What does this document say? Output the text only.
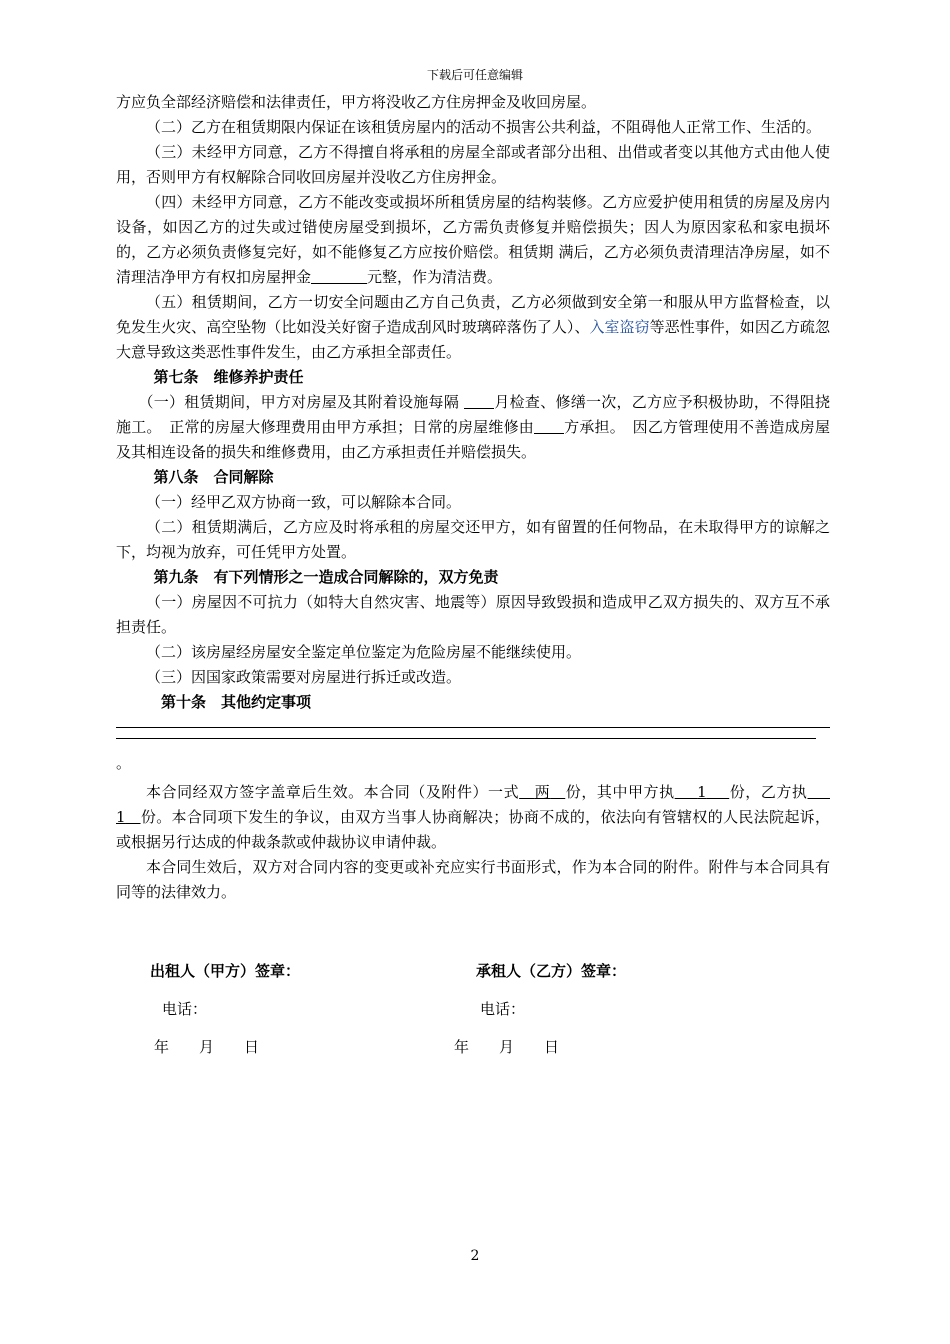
下载后可任意编辑

方应负全部经济赔偿和法律责任，甲方将没收乙方住房押金及收回房屋。

（二）乙方在租赁期限内保证在该租赁房屋内的活动不损害公共利益，不阻碍他人正常工作、生活的。

（三）未经甲方同意，乙方不得擅自将承租的房屋全部或者部分出租、出借或者变以其他方式由他人使用，否则甲方有权解除合同收回房屋并没收乙方住房押金。

（四）未经甲方同意，乙方不能改变或损坏所租赁房屋的结构装修。乙方应爱护使用租赁的房屋及房内设备，如因乙方的过失或过错使房屋受到损坏，乙方需负责修复并赔偿损失；因人为原因家私和家电损坏的，乙方必须负责修复完好，如不能修复乙方应按价赔偿。租赁期 满后，乙方必须负责清理洁净房屋，如不清理洁净甲方有权扣房屋押金	元整，作为清洁费。

（五）租赁期间，乙方一切安全问题由乙方自己负责，乙方必须做到安全第一和服从甲方监督检查，以免发生火灾、高空坠物（比如没关好窗子造成刮风时玻璃碎落伤了人）、入室盗窃等恶性事件，如因乙方疏忽大意导致这类恶性事件发生，由乙方承担全部责任。

第七条　维修养护责任

（一）租赁期间，甲方对房屋及其附着设施每隔 月检查、修缮一次，乙方应予积极协助，不得阻挠施工。　正常的房屋大修理费用由甲方承担；日常的房屋维修由 方承担。　因乙方管理使用不善造成房屋及其相连设备的损失和维修费用，由乙方承担责任并赔偿损失。

第八条　合同解除

（一）经甲乙双方协商一致，可以解除本合同。

（二）租赁期满后，乙方应及时将承租的房屋交还甲方，如有留置的任何物品，在未取得甲方的谅解之下，均视为放弃，可任凭甲方处置。

第九条　有下列情形之一造成合同解除的，双方免责

（一）房屋因不可抗力（如特大自然灾害、地震等）原因导致毁损和造成甲乙双方损失的、双方互不承担责任。

（二）该房屋经房屋安全鉴定单位鉴定为危险房屋不能继续使用。

（三）因国家政策需要对房屋进行拆迁或改造。

第十条　其他约定事项

。

本合同经双方签字盖章后生效。本合同（及附件）一式   两   份，其中甲方执    1    份，乙方执   1   份。本合同项下发生的争议，由双方当事人协商解决；协商不成的，依法向有管辖权的人民法院起诉，或根据另行达成的仲裁条款或仲裁协议申请仲裁。

本合同生效后，双方对合同内容的变更或补充应实行书面形式，作为本合同的附件。附件与本合同具有同等的法律效力。

出租人（甲方）签章：	承租人（乙方）签章：
电话：	电话：
年　　月　　日	年　　月　　日
2
